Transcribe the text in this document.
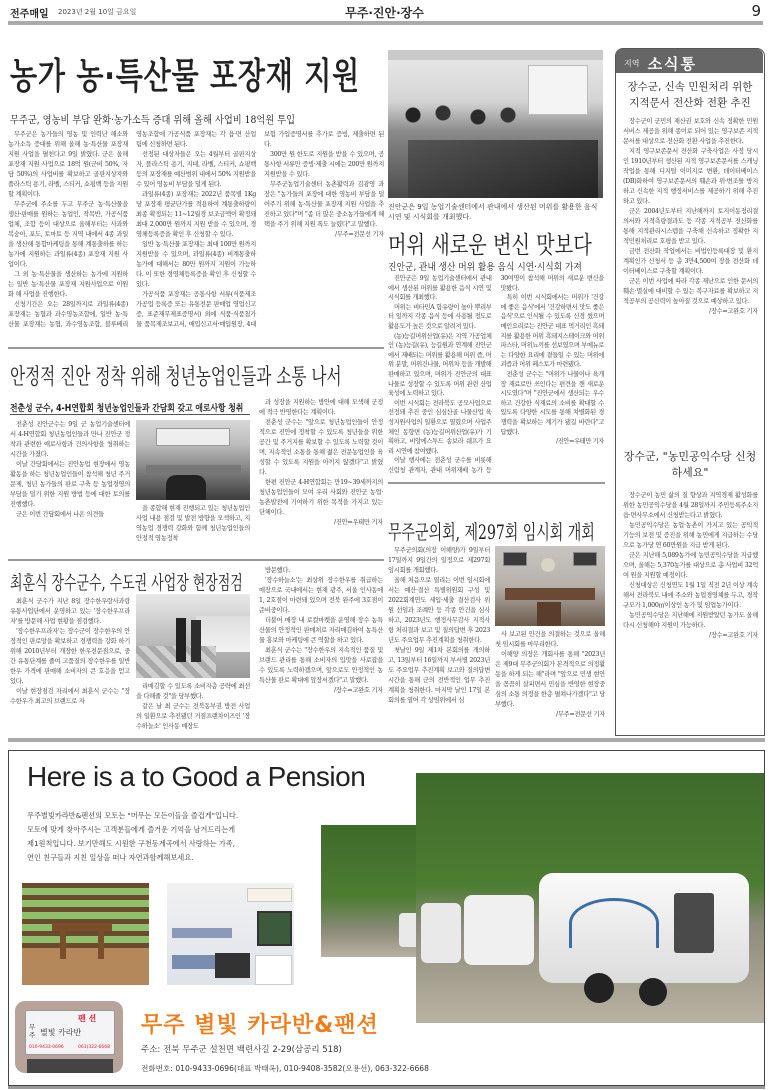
전주매일 2023년 2월 10일 금요일	무주·진안·장수	9
농가 농·특산물 포장재 지원
무주군, 영농비 부담 완화·농가소득 증대 위해 올해 사업비 18억원 투입

무주군은 농가들의 영농 및 인력난 해소와 농가소득 증대를 위해 올해 농·특산물 포장재 지원 사업을 펼친다고 9일 밝혔다. 군은 올해 포장재 지원 사업으로 18억 원(군비 50%, 자담 50%)의 사업비를 확보하고 골판지상자와 플라스틱 용기, 라벨, 스티커, 쇼핑백 등을 지원할 계획이다.

무주군에 주소를 두고 무주군 농·특산물을 생산·판매를 원하는 농업인, 작목반, 가공식품업체, 조합 등이 대상으로 올해부터는 사과와 복숭아, 포도, 토마토 등 지역 내에서 4종 과일을 생산해 통합마케팅을 통해 계통출하를 하는 농가에 지원하는 과일류(4종) 포장재 지원 사업이다.

그 외 농·특산물을 생산하는 농가에 지원하는 일반 농·특산물 포장재 지원사업으로 이원화 해 사업을 진행한다.

신청기간은 오는 28일까지로 과일류(4종) 포장재는 농협과 과수영농조합에, 일반 농·특산물 포장재는 농협, 과수영농조합, 블루베리영농조합에 가공식품 포장재는 각 읍·면 산업팀에 신청하면 된다.

선정된 대상자들은 오는 4월부터 골판지상자, 플라스틱 용기, 지대, 라벨, 스티커, 쇼핑백 등의 포장재를 예산범위 내에서 50% 지원받을 수 있어 영농비 부담을 덜게 된다.

과일류(4종) 포장재는 2022년 품목별 1Kg당 포장재 평균단가를 적용하여 계통출하량이 최종 확정되는 11~12월경 보조금액이 확정돼 최대 2,000만 원까지 지원 받을 수 있으며, 경영체등록증을 확인 후 신청할 수 있다.

일반 농·특산물 포장재는 최대 100만 원까지 지원받을 수 있으며, 과일류(4종) 비계통출하 농가에 대해서는 80만 원까지 지원이 가능하다. 이 또한 경영체등록증을 확인 후 신청할 수 있다.

가공식품 포장재는 공통사항 서류(식품제조가공업 등록증 또는 유통전문 판매업 영업신고증, 표준재무제표증명서) 외에 식품·식품첨가물 품목제조보고서, 매입신고서·매입원장, 4대 보험 가입증명서를 추가로 증빙, 제출하면 된다.

300만 원 한도로 지원을 받을 수 있으며, 공통사항 서류만 증빙·제출 시에는 200만 원까지 지원받을 수 있다.

무주군농업기술센터 농촌활력과 김광영 과장은 "농가들의 포장에 대한 영농비 부담을 덜어주기 위해 농·특산물 포장재 지원 사업을 추진하고 있다"며 "좀 더 많은 중소농가들에게 혜택을 주기 위해 지원 폭도 늘렸다"고 말했다.

/무주=전문선 기자
진안군은 9일 농업기술센터에서 관내에서 생산된 머위를 활용한 음식 시연 및 시식회를 개최했다.
머위 새로운 변신 맛보다
진안군, 관내 생산 머위 활용 음식 시연·시식회 가져

진안군은 9일 농업기술센터에서 관내에서 생산된 머위를 활용한 음식 시연 및 시식회를 개최했다.

머위는 비타민A 함유량이 높아 뿌리부터 잎까지 각종 음식 등에 사용될 정도로 활용도가 높은 것으로 알려져 있다.

(농)능길머위산업(유)은 지역 가공업체인 (농)능길(유), 능길원과 연계해 진안군에서 재배되는 머위를 활용해 머위 즙, 머위 분말, 머위건나물, 머위차 등을 개발해 판매하고 있으며, 머위가 진안군의 대표 나물로 성장할 수 있도록 머위 관련 산업 육성에 노력하고 있다.

이번 시식회는 전라북도 공모사업으로 선정돼 추진 중인 심심산골 나물산업 육성지원사업의 일환으로 열렸으며 사업주체인 동향면 (농)능길머위산업(유)가 기획하고, 비앙에스투드 송보라 쉐프가 요리 시연에 참여했다.

이날 행사에는 전춘성 군수를 비롯해 신림청 관계자, 관내 머위재배 농가 등 30여명이 참석해 머위의 새로운 변신을 맛봤다.

특히 이번 시식회에서는 머위가 '건강에 좋은 음식'에서 '건강하면서 맛도 좋은 음식'으로 인식될 수 있도록 신경 썼으며 메인요리로는 진안군 대표 먹거리인 흑돼지를 활용한 머위 흑돼지스테이크와 머위파스타, 머위뇨끼를 선보였으며 부메뉴로는 다양한 요리에 곁들일 수 있는 머위에 괴즙과 머위 페스토가 마련됐다.

전춘성 군수는 "머위가 나물이나 육개장 재료로만 쓰인다는 편견을 깬 새로운 시도였다"며 "진안군에서 생산되는 우수하고 건강한 식재료의 소비를 확대할 수 있도록 다양한 시도를 통해 차별화된 경쟁력을 확보하는 계기가 됐길 바란다"고 답했다.

/진안=우태만 기자
안정적 진안 정착 위해 청년농업인들과 소통 나서
전춘성 군수, 4-H연합회 청년농업인들과 간담회 갖고 애로사항 청취

전춘성 진안군수는 9일 군 농업기술센터에서 4-H연합회 청년농업인들과 만나 진안군 정착과 관련한 애로사항과 건의사항을 청취하는 시간을 가졌다.

이날 간담회에서는 진안농업 현장에서 영농활동을 하는 청년농업인들이 참석해 청년 주거문제, 청년 농가들의 판로 구축 등 농업경영의 부담을 덜기 위한 지원 방법 등에 대한 토의를 진행했다.

군은 이번 간담회에서 나온 의견들

을 종합해 현재 진행되고 있는 청년농업인 사업 내용 점검 및 발전 방향을 모색하고, 지역농업 경쟁력 강화와 함께 청년농업인들의 안정적 영농정착

과 성장을 지원하는 방안에 대해 모색해 군정에 적극 반영한다는 계획이다.

전춘성 군수는 "앞으로 청년농업인들이 안정적으로 진안에 정착할 수 있도록 청년들을 위한 공간 및 주거지를 확보할 수 있도록 노력할 것이며, 지속적인 소통을 통해 젊은 전문농업인을 육성할 수 있도록 지원을 아끼지 않겠다"고 밝혔다.

한편 진안군 4-H연합회는 만19~39세까지의 청년농업인들이 모여 우리 사회와 진안군 농업·농촌발전에 기여하기 위한 목적을 가지고 있는 단체이다.

/진안=우태만 기자
최훈식 장수군수, 수도권 사업장 현장점검

최훈식 군수가 지난 8일 장수한우랑사과랑유통사업단에서 운영하고 있는 '장수한우프라자'를 방문해 사업 현황을 점검했다.

'장수한우프라자'는 장수군이 장수한우의 안정적인 판로망을 확보하고 경쟁력을 강화 하기 위해 2010년부터 개장한 한우전문점으로, 중간 유통단계를 줄여 고품질의 장수한우를 일반 한우 가격에 판매해 소비자의 큰 호응을 얻고 있다.

이날 현장점검 자리에서 최훈식 군수는 "장수한우가 최고의 브랜드로 자

리매김할 수 있도록 소비자층 공략에 최선을 다해줄 것"을 당부했다.

같은 날 최 군수는 전북동부권 방전 사업의 일환으로 추진됐던 거점프랜차이즈인 '장수하늘소' 인사동 매장도

방문했다.

'장수하늘소'는 최상위 장수한우를 취급하는 매장으로 국내에서는 현재 광주, 서울 인사동에 1, 2호점이 마련돼 있으며 전북 완주에 3호점이 준비중이다.

더불어 매장 내 로컬마켓을 운영해 장수 농특산물의 안정적인 판매처로 자리매김하여 농특산물 홍보와 마케팅에 큰 역할을 하고 있다.

최훈식 군수는 "장수한우의 지속적인 품질 및 브랜드 관리를 통해 소비자의 입맛을 사로잡을 수 있도록 노력하겠으며, 앞으로도 안정적인 농특산물 판로 확대에 앞장서겠다"고 말했다.

/장수=고완호 기자
무주군의회, 제297회 임시회 개회

무주군의회(의장 이해양)가 9일부터 17일까지 9일간의 일정으로 제297회 임시회를 개회했다.

올해 처음으로 열리는 이번 임시회에서는 예산·결산 특별위원회 구성 및 2022회계연도 세입·세출 결산검사 위원 선임과 조례안 등 각종 안건을 심사하고, 2023년도 행정사무감사 지적사항 처리결과 보고 및 질의답변 후 2023년도 주요업무 추진계획을 청취한다.

첫날인 9일 제1차 본회의를 개의하고, 13일부터 16일까지 부서별 2023년도 주요업무 추진계획 보고와 질의답변 시간을 통해 군의 전반적인 업무 추진 계획을 청취한다. 마지막 날인 17일 본회의를 열어 각 상임위에서 심

사 보고된 안건을 의결하는 것으로 올해 첫 임시회를 마무리한다.

이해양 의장은 개회사를 통해 "2023년은 제9대 무주군의회가 본격적으로 의정활동을 하게 되는 해"라며 "앞으로 민생 현안을 꼼꼼히 살피면서 민심을 반영한 현장중심의 소통 의정을 한층 펼쳐나가겠다"고 당부했다.

/무주=전문선 기자
지역 소식통
장수군, 신속 민원처리 위한 지적문서 전산화 전환 추진

장수군이 군민의 재산권 보호와 신속 정확한 민원서비스 제공을 위해 종이로 되어 있는 영구보존 지적문서를 대상으로 전산화 전환 사업을 추진한다.

지적 영구보존문서 전산화 구축사업은 사정 당시인 1910년부터 생산된 지적 영구보존문서를 스캐닝 작업을 통해 디지털 이미지로 변환, 데이터베이스(DB)화하여 영구보존문서의 훼손과 위·변조를 방지하고 신속한 지적 행정서비스를 제공하기 위해 추진하고 있다.

군은 2004년도부터 지난해까지 토지이동정리결의서와 지적측량결과도 등 각종 지적공부 전산화를 통해 지적관리시스템을 구축해 신속하고 정확한 지적민원처리로 호평을 받고 있다.

금번 전산화 작업에서는 비법인등록대장 및 환지계획인가 신청서 등 총 3만4,500여 장을 전산화 데이터베이스로 구축할 계획이다.

군은 이번 사업에 따라 각종 재난으로 인한 문서의 훼손·멸실에 대비할 수 있는 복구자료를 확보하고 지적공부의 공신력이 높아질 것으로 예상하고 있다.

/장수=고완호 기자
장수군, "농민공익수당 신청하세요"

장수군이 농민 삶의 질 향상과 지역경제 활성화를 위한 농민공익수당을 4월 28일까지 주민등록주소지 읍·면사무소에서 신청받는다고 밝혔다.

농민공익수당은 농업·농촌이 가지고 있는 공익적 기능의 보전 및 증진을 위해 농민에게 지급하는 수당으로 농가당 연 60만원을 지급 받게 된다.

군은 지난해 5,089농가에 농민공익수당을 지급했으며, 올해는 5,370농가를 대상으로 총 사업비 32억여 원을 지원할 예정이다.

신청대상은 신청연도 1월 1일 직전 2년 이상 계속해서 전라북도 내에 주소와 농업경영체를 두고, 경작 규모가 1,000㎡이상인 농가 및 임업농가이다.

농민공익수당은 지난해에 지원받았던 농가도 올해 다시 신청해야 지원이 가능하다.

/장수=고완호 기자
Here is a to Good a Pension
무주별빛카라반&펜션의 모토는 "머무는 모든이들을 즐겁게"입니다.
모토에 맞게 찾아주시는 고객분들에게 즐거운 기억을 남겨드리는게
제1원칙입니다. 보기만해도 시원한 구천동계곡에서 사랑하는 가족,
연인 친구들과 지친 일상을 떠나 자연과함께해보세요.
펜 션
무주 별빛 카라반
010-9433-0696	063)322-6668
무주 별빛 카라반&팬션
주소: 전북 무주군 설천면 백련사길 2-29(삼공리 518)
전화번호: 010-9433-0696(대표 박태옥), 010-9408-3582(오용선), 063-322-6668
